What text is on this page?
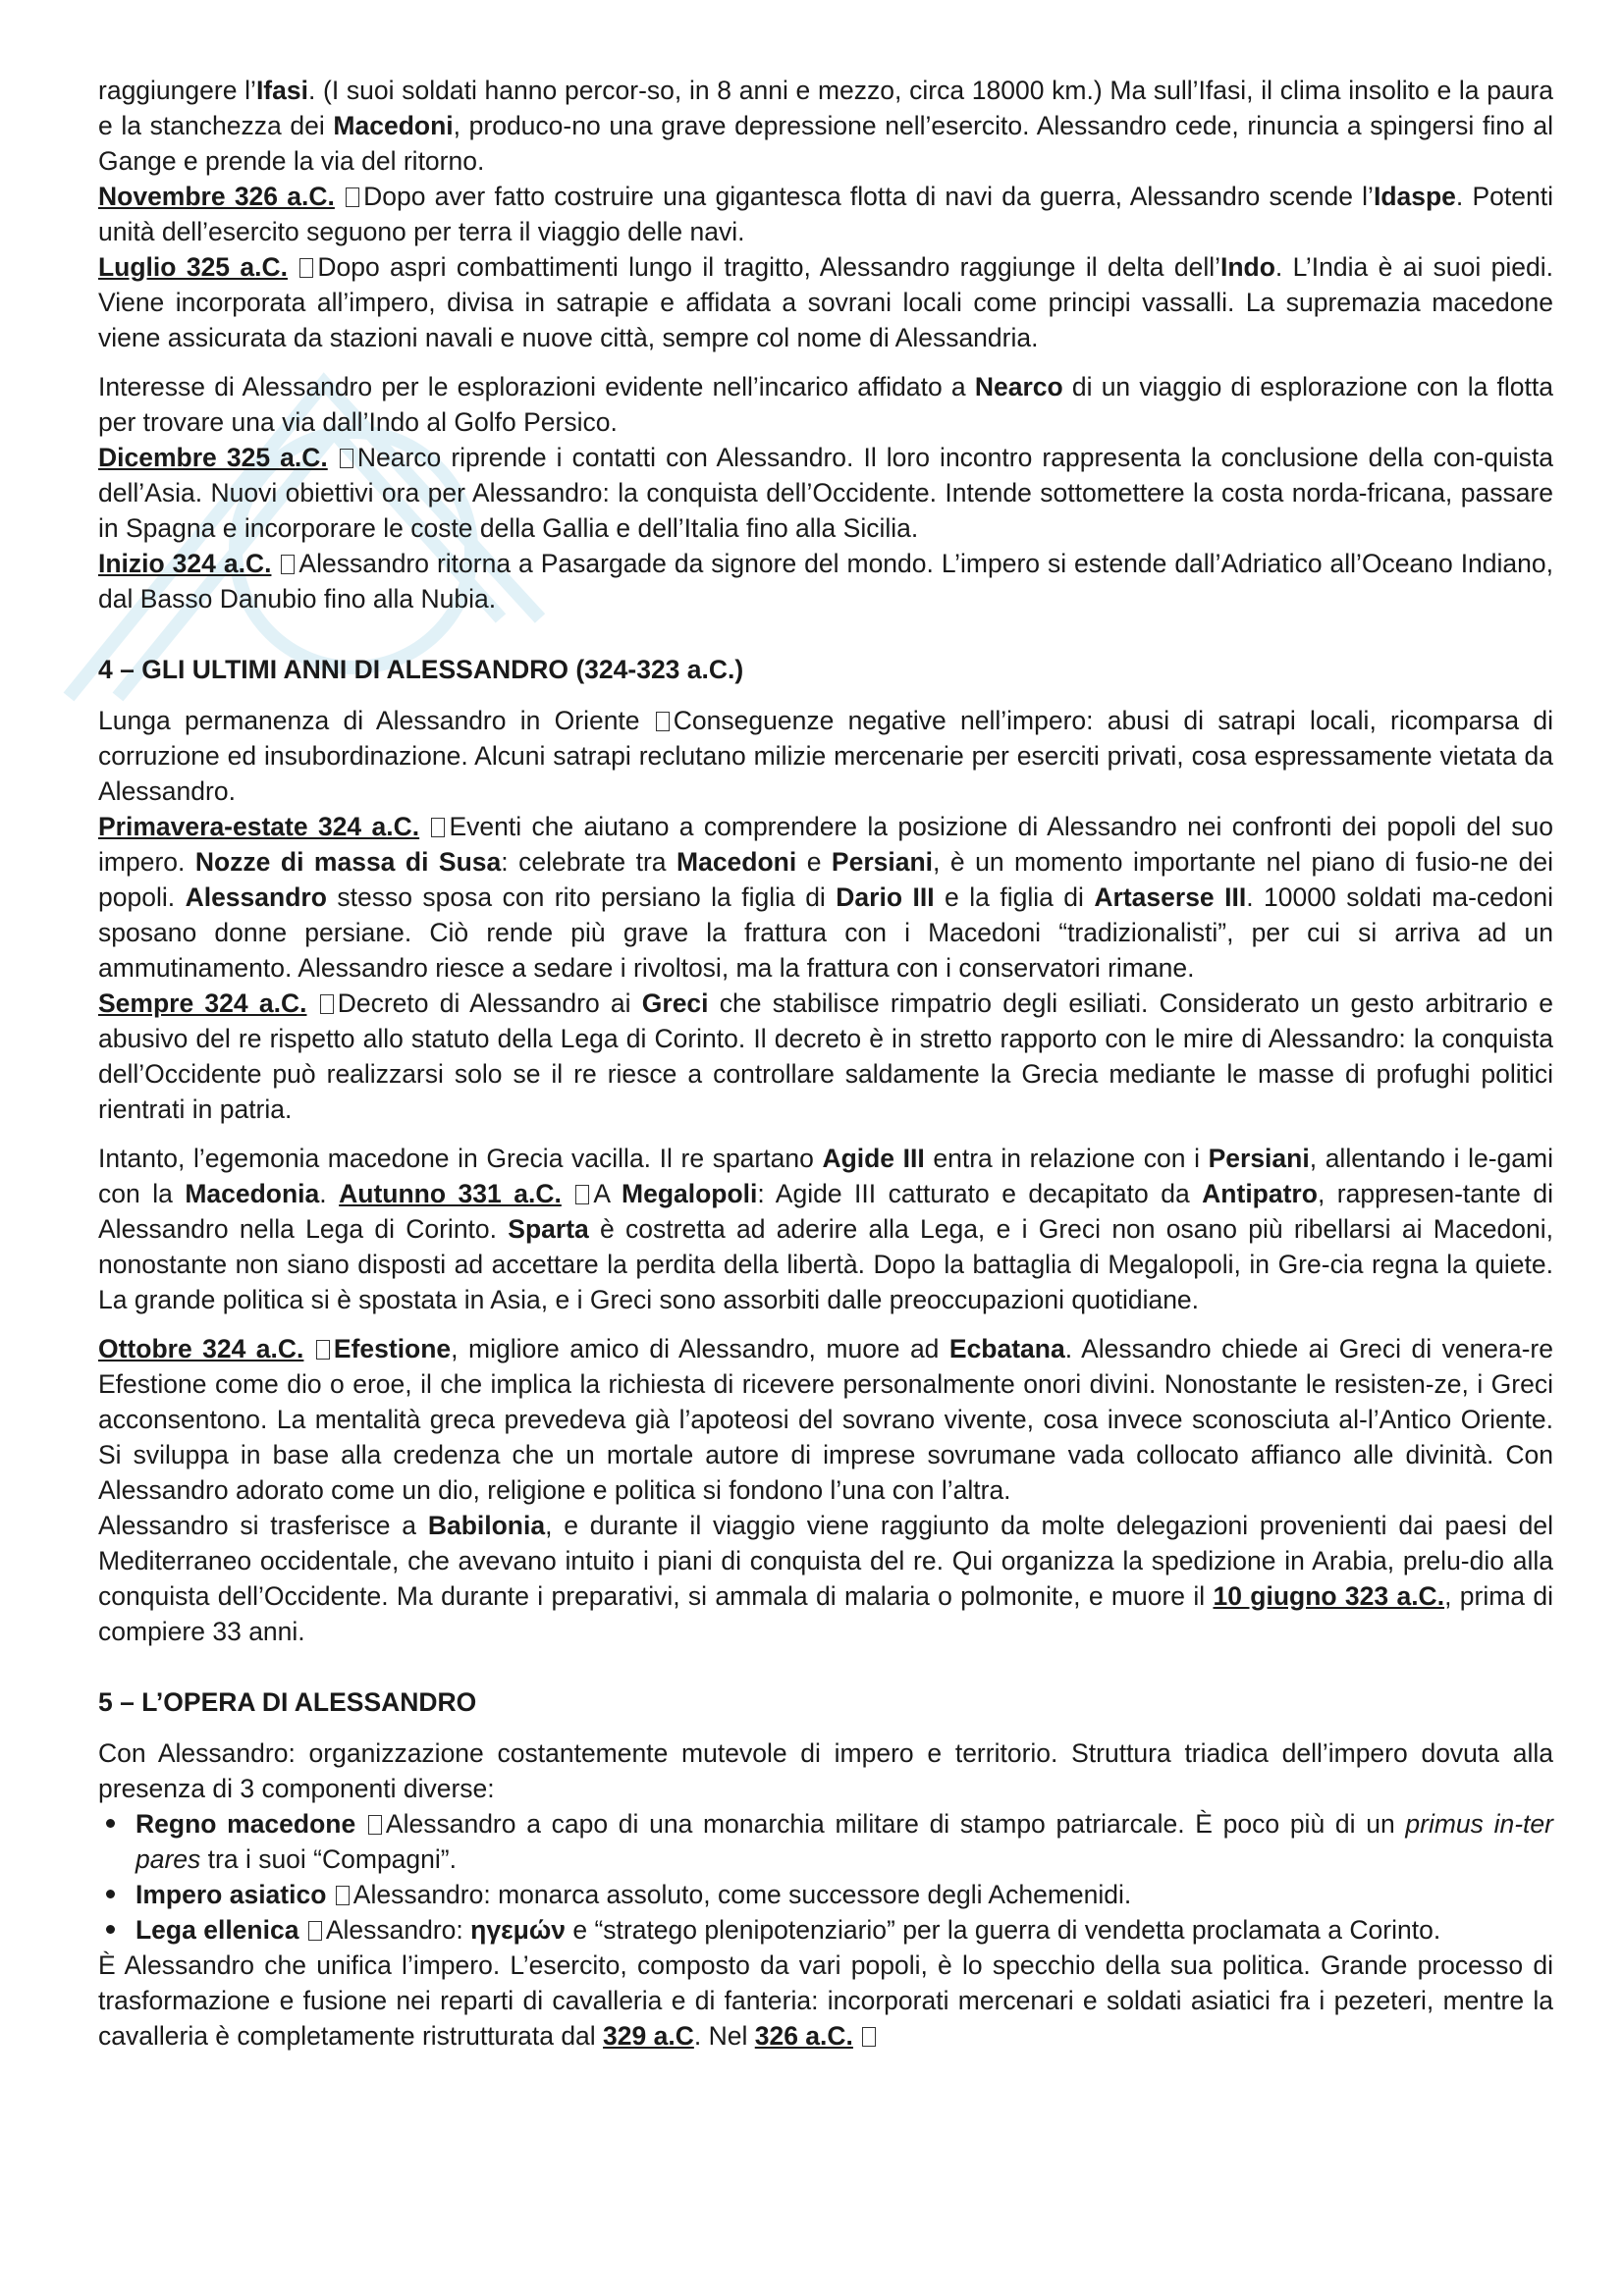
raggiungere l’Ifasi. (I suoi soldati hanno percor-so, in 8 anni e mezzo, circa 18000 km.) Ma sull’Ifasi, il clima insolito e la paura e la stanchezza dei Macedoni, produco-no una grave depressione nell’esercito. Alessandro cede, rinuncia a spingersi fino al Gange e prende la via del ritorno.

Novembre 326 a.C. Dopo aver fatto costruire una gigantesca flotta di navi da guerra, Alessandro scende l’Idaspe. Potenti unità dell’esercito seguono per terra il viaggio delle navi.

Luglio 325 a.C. Dopo aspri combattimenti lungo il tragitto, Alessandro raggiunge il delta dell’Indo. L’India è ai suoi piedi. Viene incorporata all’impero, divisa in satrapie e affidata a sovrani locali come principi vassalli. La supremazia macedone viene assicurata da stazioni navali e nuove città, sempre col nome di Alessandria.

Interesse di Alessandro per le esplorazioni evidente nell’incarico affidato a Nearco di un viaggio di esplorazione con la flotta per trovare una via dall’Indo al Golfo Persico.

Dicembre 325 a.C. Nearco riprende i contatti con Alessandro. Il loro incontro rappresenta la conclusione della con-quista dell’Asia. Nuovi obiettivi ora per Alessandro: la conquista dell’Occidente. Intende sottomettere la costa norda-fricana, passare in Spagna e incorporare le coste della Gallia e dell’Italia fino alla Sicilia.

Inizio 324 a.C. Alessandro ritorna a Pasargade da signore del mondo. L’impero si estende dall’Adriatico all’Oceano Indiano, dal Basso Danubio fino alla Nubia.

4 – GLI ULTIMI ANNI DI ALESSANDRO (324-323 a.C.)

Lunga permanenza di Alessandro in Oriente Conseguenze negative nell’impero: abusi di satrapi locali, ricomparsa di corruzione ed insubordinazione. Alcuni satrapi reclutano milizie mercenarie per eserciti privati, cosa espressamente vietata da Alessandro.

Primavera-estate 324 a.C. Eventi che aiutano a comprendere la posizione di Alessandro nei confronti dei popoli del suo impero. Nozze di massa di Susa: celebrate tra Macedoni e Persiani, è un momento importante nel piano di fusio-ne dei popoli. Alessandro stesso sposa con rito persiano la figlia di Dario III e la figlia di Artaserse III. 10000 soldati ma-cedoni sposano donne persiane. Ciò rende più grave la frattura con i Macedoni “tradizionalisti”, per cui si arriva ad un ammutinamento. Alessandro riesce a sedare i rivoltosi, ma la frattura con i conservatori rimane.

Sempre 324 a.C. Decreto di Alessandro ai Greci che stabilisce rimpatrio degli esiliati. Considerato un gesto arbitrario e abusivo del re rispetto allo statuto della Lega di Corinto. Il decreto è in stretto rapporto con le mire di Alessandro: la conquista dell’Occidente può realizzarsi solo se il re riesce a controllare saldamente la Grecia mediante le masse di profughi politici rientrati in patria.

Intanto, l’egemonia macedone in Grecia vacilla. Il re spartano Agide III entra in relazione con i Persiani, allentando i le-gami con la Macedonia. Autunno 331 a.C. A Megalopoli: Agide III catturato e decapitato da Antipatro, rappresen-tante di Alessandro nella Lega di Corinto. Sparta è costretta ad aderire alla Lega, e i Greci non osano più ribellarsi ai Macedoni, nonostante non siano disposti ad accettare la perdita della libertà. Dopo la battaglia di Megalopoli, in Gre-cia regna la quiete. La grande politica si è spostata in Asia, e i Greci sono assorbiti dalle preoccupazioni quotidiane.

Ottobre 324 a.C. Efestione, migliore amico di Alessandro, muore ad Ecbatana. Alessandro chiede ai Greci di venera-re Efestione come dio o eroe, il che implica la richiesta di ricevere personalmente onori divini. Nonostante le resisten-ze, i Greci acconsentono. La mentalità greca prevedeva già l’apoteosi del sovrano vivente, cosa invece sconosciuta al-l’Antico Oriente. Si sviluppa in base alla credenza che un mortale autore di imprese sovrumane vada collocato affianco alle divinità. Con Alessandro adorato come un dio, religione e politica si fondono l’una con l’altra.

Alessandro si trasferisce a Babilonia, e durante il viaggio viene raggiunto da molte delegazioni provenienti dai paesi del Mediterraneo occidentale, che avevano intuito i piani di conquista del re. Qui organizza la spedizione in Arabia, prelu-dio alla conquista dell’Occidente. Ma durante i preparativi, si ammala di malaria o polmonite, e muore il 10 giugno 323 a.C., prima di compiere 33 anni.

5 – L’OPERA DI ALESSANDRO

Con Alessandro: organizzazione costantemente mutevole di impero e territorio. Struttura triadica dell’impero dovuta alla presenza di 3 componenti diverse:

Regno macedone Alessandro a capo di una monarchia militare di stampo patriarcale. È poco più di un primus in-ter pares tra i suoi “Compagni”.
Impero asiatico Alessandro: monarca assoluto, come successore degli Achemenidi.
Lega ellenica Alessandro: ηγεμών e “stratego plenipotenziario” per la guerra di vendetta proclamata a Corinto.

È Alessandro che unifica l’impero. L’esercito, composto da vari popoli, è lo specchio della sua politica. Grande processo di trasformazione e fusione nei reparti di cavalleria e di fanteria: incorporati mercenari e soldati asiatici fra i pezeteri, mentre la cavalleria è completamente ristrutturata dal 329 a.C. Nel 326 a.C.
